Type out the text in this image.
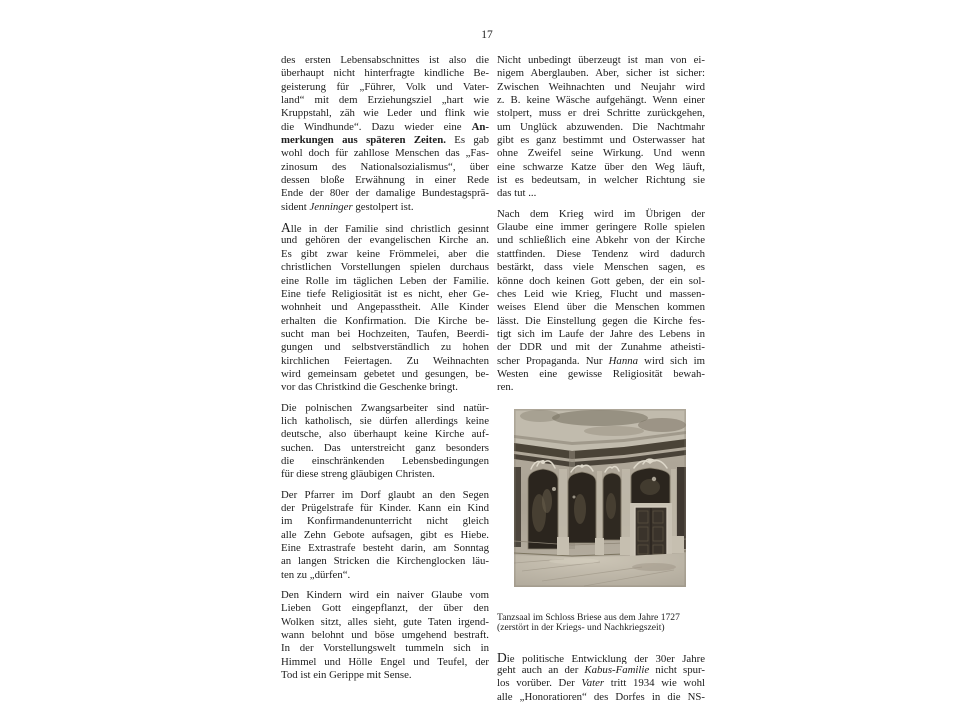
17
des ersten Lebensabschnittes ist also die
überhaupt nicht hinterfragte kindliche Be-
geisterung für „Führer, Volk und Vater-
land“ mit dem Erziehungsziel „hart wie
Kruppstahl, zäh wie Leder und flink wie
die Windhunde“. Dazu wieder eine An-
merkungen aus späteren Zeiten. Es gab
wohl doch für zahllose Menschen das „Fas-
zinosum des Nationalsozialismus“, über
dessen bloße Erwähnung in einer Rede
Ende der 80er der damalige Bundestagsprä-
sident Jenninger gestolpert ist.
Alle in der Familie sind christlich gesinnt
und gehören der evangelischen Kirche an.
Es gibt zwar keine Frömmelei, aber die
christlichen Vorstellungen spielen durchaus
eine Rolle im täglichen Leben der Familie.
Eine tiefe Religiosität ist es nicht, eher Ge-
wohnheit und Angepasstheit. Alle Kinder
erhalten die Konfirmation. Die Kirche be-
sucht man bei Hochzeiten, Taufen, Beerdi-
gungen und selbstverständlich zu hohen
kirchlichen Feiertagen. Zu Weihnachten
wird gemeinsam gebetet und gesungen, be-
vor das Christkind die Geschenke bringt.
Die polnischen Zwangsarbeiter sind natür-
lich katholisch, sie dürfen allerdings keine
deutsche, also überhaupt keine Kirche auf-
suchen. Das unterstreicht ganz besonders
die einschränkenden Lebensbedingungen
für diese streng gläubigen Christen.
Der Pfarrer im Dorf glaubt an den Segen
der Prügelstrafe für Kinder. Kann ein Kind
im Konfirmandenunterricht nicht gleich
alle Zehn Gebote aufsagen, gibt es Hiebe.
Eine Extrastrafe besteht darin, am Sonntag
an langen Stricken die Kirchenglocken läu-
ten zu „dürfen“.
Den Kindern wird ein naiver Glaube vom
Lieben Gott eingepflanzt, der über den
Wolken sitzt, alles sieht, gute Taten irgend-
wann belohnt und böse umgehend bestraft.
In der Vorstellungswelt tummeln sich in
Himmel und Hölle Engel und Teufel, der
Tod ist ein Gerippe mit Sense.
Nicht unbedingt überzeugt ist man von ei-
nigem Aberglauben. Aber, sicher ist sicher:
Zwischen Weihnachten und Neujahr wird
z. B. keine Wäsche aufgehängt. Wenn einer
stolpert, muss er drei Schritte zurückgehen,
um Unglück abzuwenden. Die Nachtmahr
gibt es ganz bestimmt und Osterwasser hat
ohne Zweifel seine Wirkung. Und wenn
eine schwarze Katze über den Weg läuft,
ist es bedeutsam, in welcher Richtung sie
das tut ...
Nach dem Krieg wird im Übrigen der
Glaube eine immer geringere Rolle spielen
und schließlich eine Abkehr von der Kirche
stattfinden. Diese Tendenz wird dadurch
bestärkt, dass viele Menschen sagen, es
könne doch keinen Gott geben, der ein sol-
ches Leid wie Krieg, Flucht und massen-
weises Elend über die Menschen kommen
lässt. Die Einstellung gegen die Kirche fes-
tigt sich im Laufe der Jahre des Lebens in
der DDR und mit der Zunahme atheisti-
scher Propaganda. Nur Hanna wird sich im
Westen eine gewisse Religiosität bewah-
ren.
Tanzsaal im Schloss Briese aus dem Jahre 1727
(zerstört in der Kriegs- und Nachkriegszeit)
Die politische Entwicklung der 30er Jahre
geht auch an der Kabus-Familie nicht spur-
los vorüber. Der Vater tritt 1934 wie wohl
alle „Honoratioren“ des Dorfes in die NS-
